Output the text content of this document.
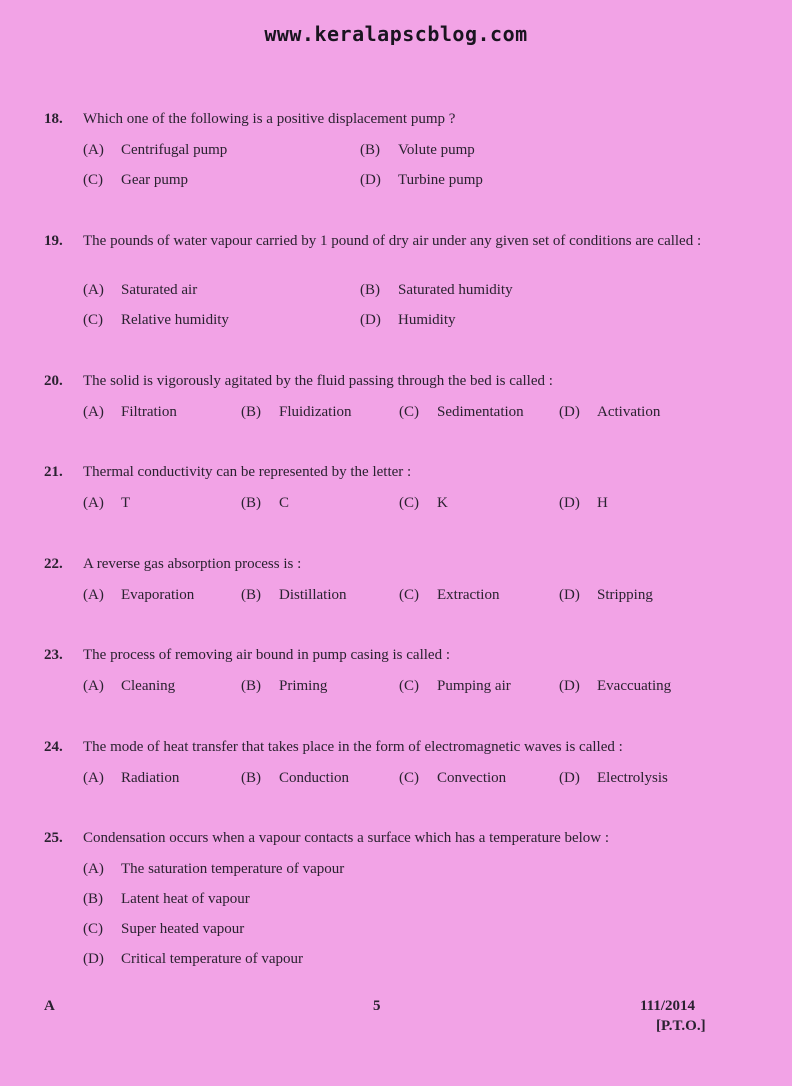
www.keralapscblog.com
18. Which one of the following is a positive displacement pump ?
(A) Centrifugal pump	(B) Volute pump
(C) Gear pump	(D) Turbine pump
19. The pounds of water vapour carried by 1 pound of dry air under any given set of conditions are called :
(A) Saturated air	(B) Saturated humidity
(C) Relative humidity	(D) Humidity
20. The solid is vigorously agitated by the fluid passing through the bed is called :
(A) Filtration	(B) Fluidization	(C) Sedimentation (D) Activation
21. Thermal conductivity can be represented by the letter :
(A) T	(B) C	(C) K	(D) H
22. A reverse gas absorption process is :
(A) Evaporation	(B) Distillation	(C) Extraction	(D) Stripping
23. The process of removing air bound in pump casing is called :
(A) Cleaning	(B) Priming	(C) Pumping air	(D) Evaccuating
24. The mode of heat transfer that takes place in the form of electromagnetic waves is called :
(A) Radiation	(B) Conduction	(C) Convection	(D) Electrolysis
25. Condensation occurs when a vapour contacts a surface which has a temperature below :
(A) The saturation temperature of vapour
(B) Latent heat of vapour
(C) Super heated vapour
(D) Critical temperature of vapour
A	5	111/2014
[P.T.O.]
